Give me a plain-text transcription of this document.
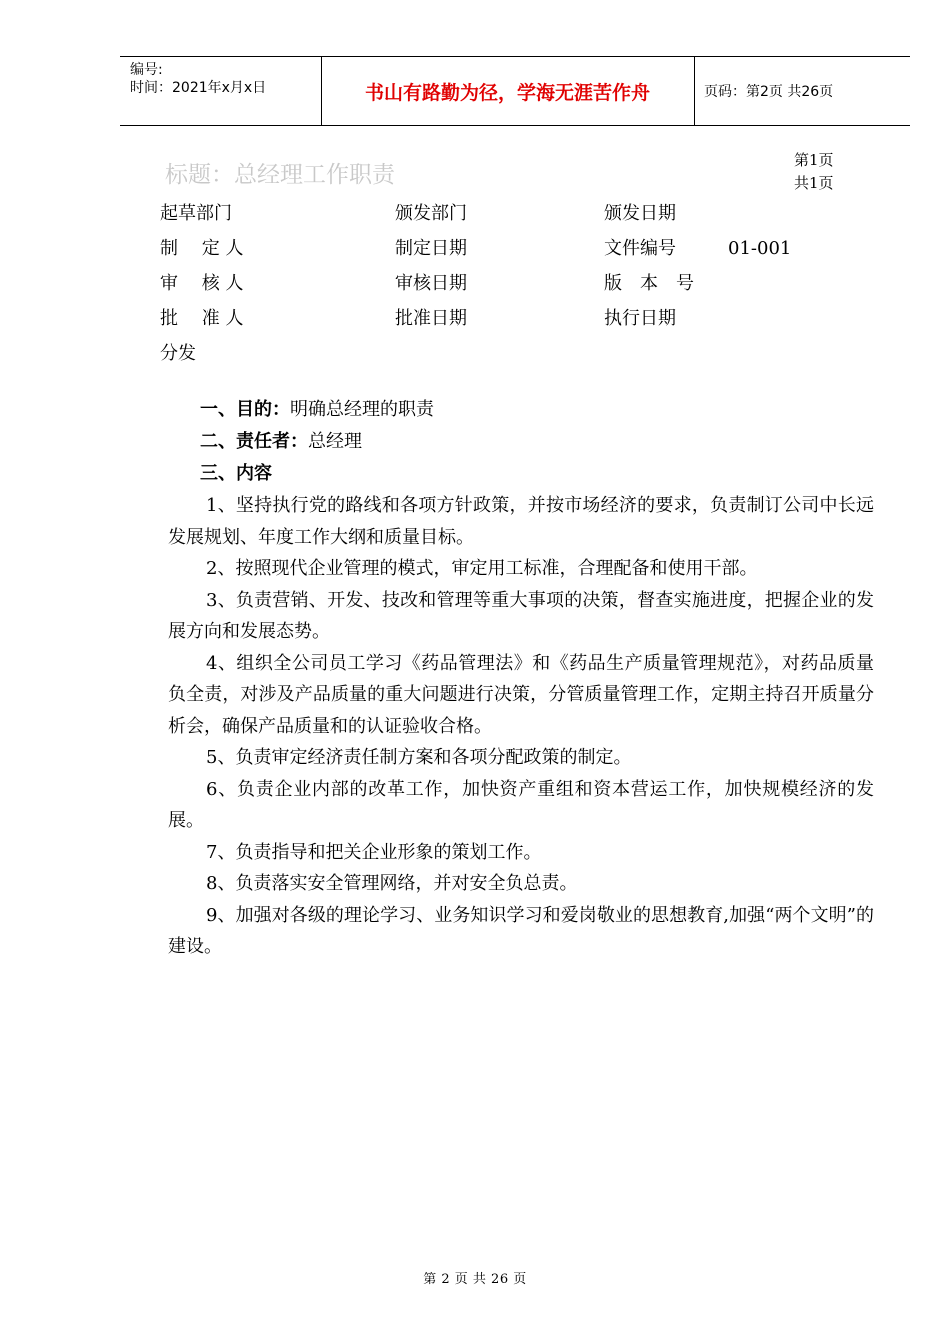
编号:
时间：2021年x月x日	书山有路勤为径，学海无涯苦作舟	页码：第2页 共26页
标题：总经理工作职责
第1页
共1页
起草部门	颁发部门	颁发日期
制　 定 人	制定日期	文件编号	01-001
审　 核 人	审核日期	版　本　号
批　 准 人	批准日期	执行日期
分发
一、目的：明确总经理的职责
二、责任者：总经理
三、内容
1、坚持执行党的路线和各项方针政策，并按市场经济的要求，负责制订公司中长远发展规划、年度工作大纲和质量目标。
2、按照现代企业管理的模式，审定用工标准，合理配备和使用干部。
3、负责营销、开发、技改和管理等重大事项的决策，督查实施进度，把握企业的发展方向和发展态势。
4、组织全公司员工学习《药品管理法》和《药品生产质量管理规范》，对药品质量负全责，对涉及产品质量的重大问题进行决策，分管质量管理工作，定期主持召开质量分析会，确保产品质量和的认证验收合格。
5、负责审定经济责任制方案和各项分配政策的制定。
6、负责企业内部的改革工作，加快资产重组和资本营运工作，加快规模经济的发展。
7、负责指导和把关企业形象的策划工作。
8、负责落实安全管理网络，并对安全负总责。
9、加强对各级的理论学习、业务知识学习和爱岗敬业的思想教育,加强“两个文明”的建设。
第 2 页 共 26 页
